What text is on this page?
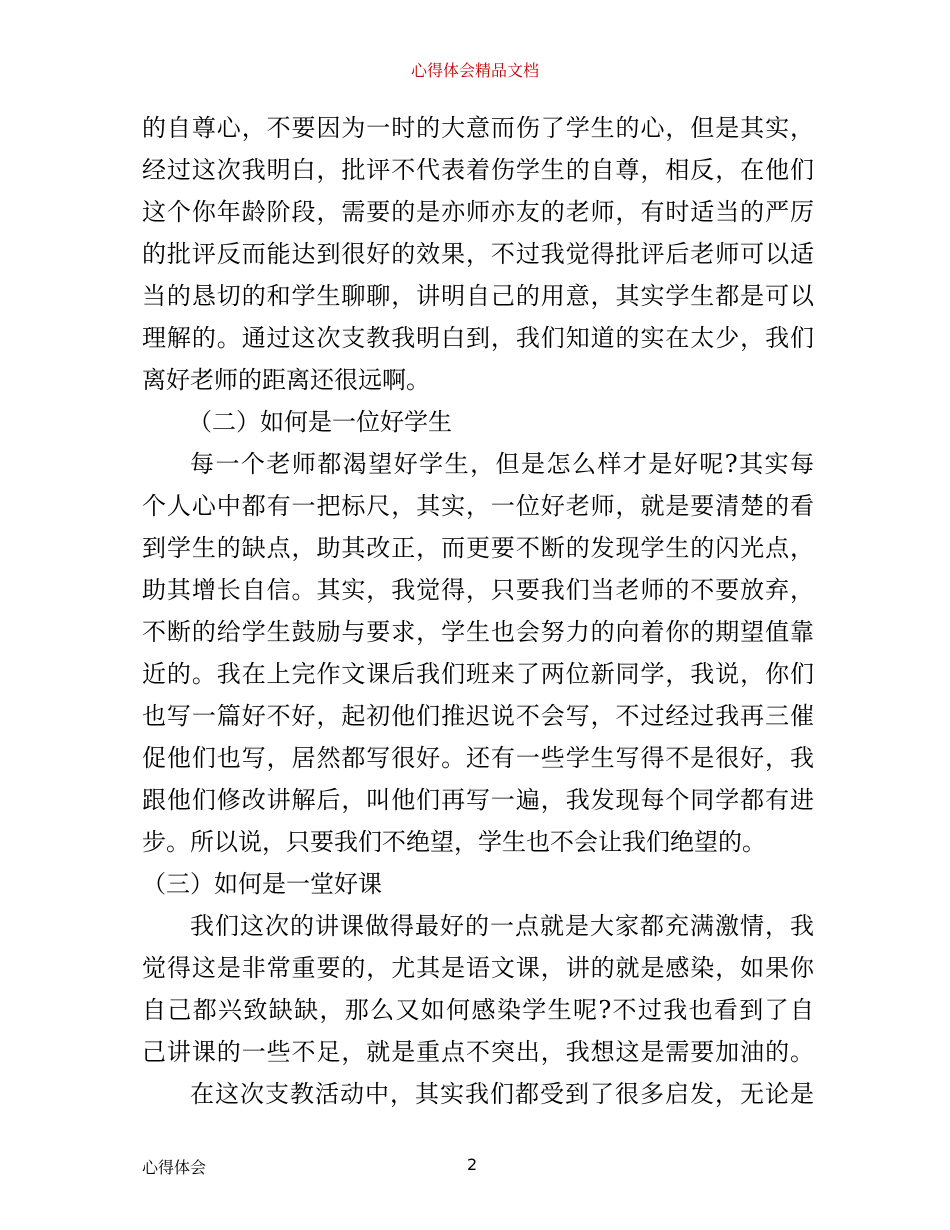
心得体会精品文档
的自尊心，不要因为一时的大意而伤了学生的心，但是其实，
经过这次我明白，批评不代表着伤学生的自尊，相反，在他们
这个你年龄阶段，需要的是亦师亦友的老师，有时适当的严厉
的批评反而能达到很好的效果，不过我觉得批评后老师可以适
当的恳切的和学生聊聊，讲明自己的用意，其实学生都是可以
理解的。通过这次支教我明白到，我们知道的实在太少，我们
离好老师的距离还很远啊。
（二）如何是一位好学生
每一个老师都渴望好学生，但是怎么样才是好呢?其实每
个人心中都有一把标尺，其实，一位好老师，就是要清楚的看
到学生的缺点，助其改正，而更要不断的发现学生的闪光点，
助其增长自信。其实，我觉得，只要我们当老师的不要放弃，
不断的给学生鼓励与要求，学生也会努力的向着你的期望值靠
近的。我在上完作文课后我们班来了两位新同学，我说，你们
也写一篇好不好，起初他们推迟说不会写，不过经过我再三催
促他们也写，居然都写很好。还有一些学生写得不是很好，我
跟他们修改讲解后，叫他们再写一遍，我发现每个同学都有进
步。所以说，只要我们不绝望，学生也不会让我们绝望的。
（三）如何是一堂好课
我们这次的讲课做得最好的一点就是大家都充满激情，我
觉得这是非常重要的，尤其是语文课，讲的就是感染，如果你
自己都兴致缺缺，那么又如何感染学生呢?不过我也看到了自
己讲课的一些不足，就是重点不突出，我想这是需要加油的。
在这次支教活动中，其实我们都受到了很多启发，无论是
心得体会	2
